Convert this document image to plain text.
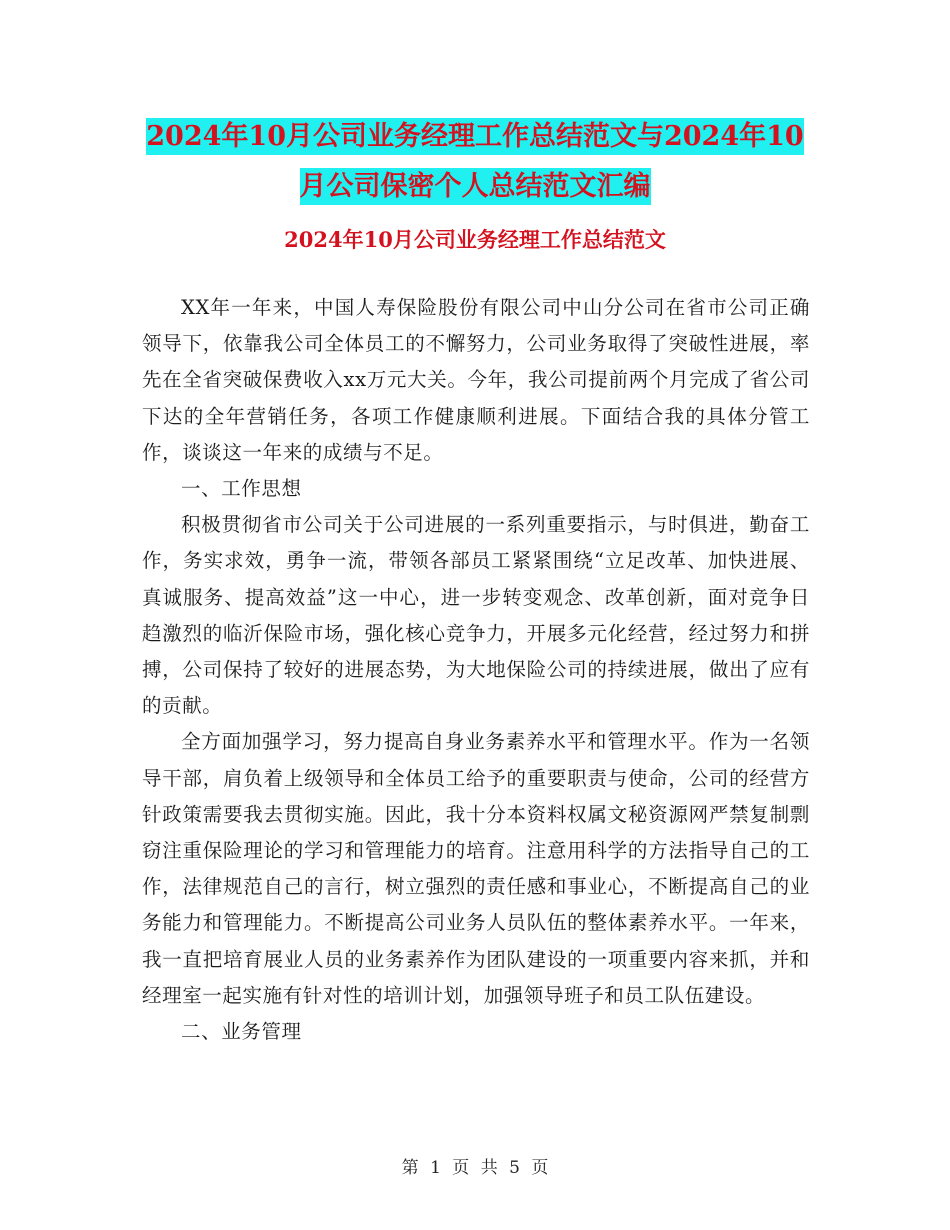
2024年10月公司业务经理工作总结范文与2024年10
月公司保密个人总结范文汇编
2024年10月公司业务经理工作总结范文

XX年一年来，中国人寿保险股份有限公司中山分公司在省市公司正确领导下，依靠我公司全体员工的不懈努力，公司业务取得了突破性进展，率先在全省突破保费收入xx万元大关。今年，我公司提前两个月完成了省公司下达的全年营销任务，各项工作健康顺利进展。下面结合我的具体分管工作，谈谈这一年来的成绩与不足。

一、工作思想

积极贯彻省市公司关于公司进展的一系列重要指示，与时俱进，勤奋工作，务实求效，勇争一流，带领各部员工紧紧围绕“立足改革、加快进展、真诚服务、提高效益”这一中心，进一步转变观念、改革创新，面对竞争日趋激烈的临沂保险市场，强化核心竞争力，开展多元化经营，经过努力和拼搏，公司保持了较好的进展态势，为大地保险公司的持续进展，做出了应有的贡献。

全方面加强学习，努力提高自身业务素养水平和管理水平。作为一名领导干部，肩负着上级领导和全体员工给予的重要职责与使命，公司的经营方针政策需要我去贯彻实施。因此，我十分本资料权属文秘资源网严禁复制剽窃注重保险理论的学习和管理能力的培育。注意用科学的方法指导自己的工作，法律规范自己的言行，树立强烈的责任感和事业心，不断提高自己的业务能力和管理能力。不断提高公司业务人员队伍的整体素养水平。一年来，我一直把培育展业人员的业务素养作为团队建设的一项重要内容来抓，并和经理室一起实施有针对性的培训计划，加强领导班子和员工队伍建设。

二、业务管理

第 1 页 共 5 页
